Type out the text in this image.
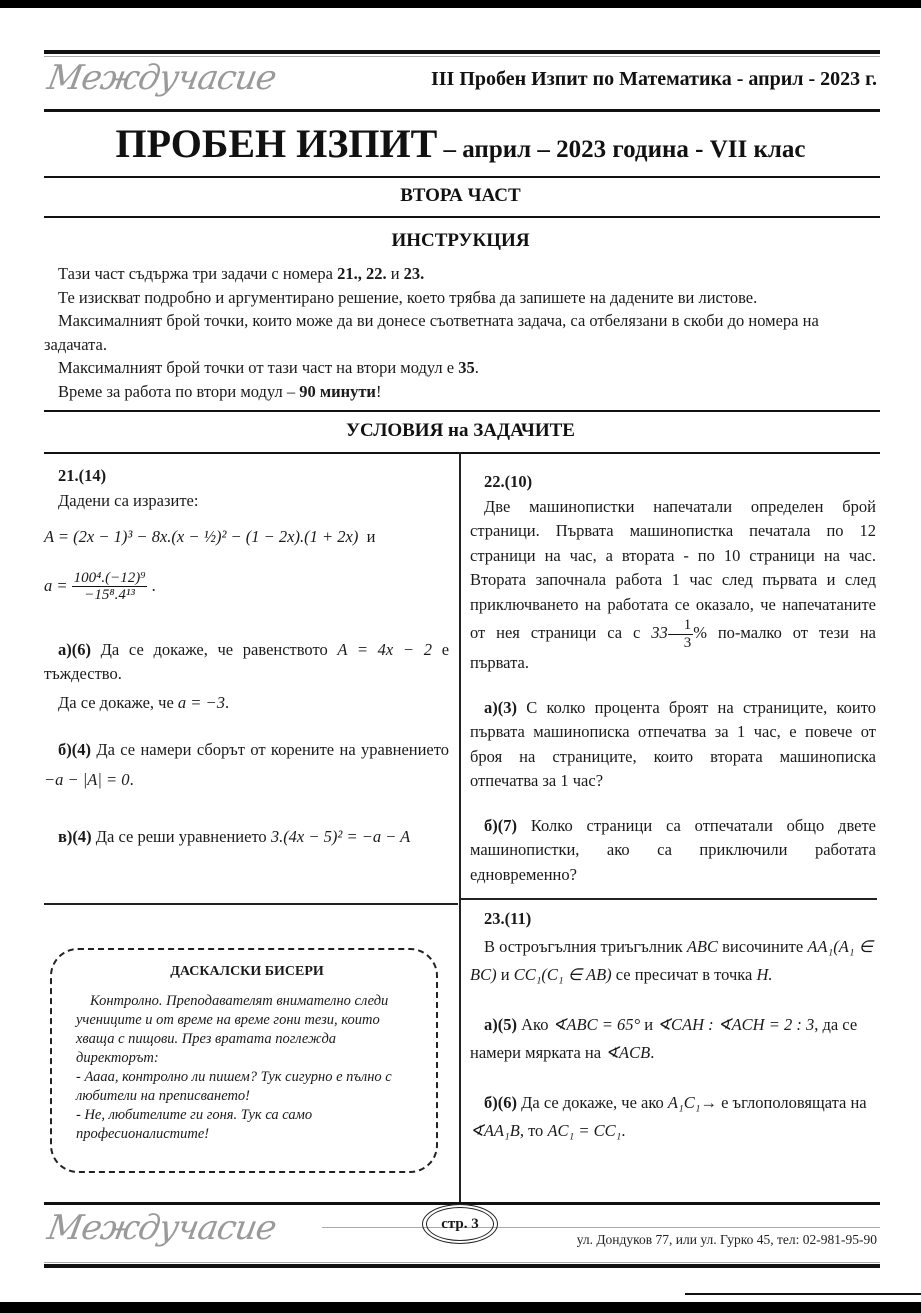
Междучасие	III Пробен Изпит по Математика - април - 2023 г.
ПРОБЕН ИЗПИТ – април – 2023 година - VII клас
ВТОРА ЧАСТ
ИНСТРУКЦИЯ

Тази част съдържа три задачи с номера 21., 22. и 23.

Те изискват подробно и аргументирано решение, което трябва да запишете на дадените ви листове.

Максималният брой точки, които може да ви донесе съответната задача, са отбелязани в скоби до номера на задачата.

Максималният брой точки от тази част на втори модул е 35.

Време за работа по втори модул – 90 минути!

УСЛОВИЯ на ЗАДАЧИТЕ

21.(14)

Дадени са изразите:

A = (2x − 1)³ − 8x.(x − ½)² − (1 − 2x).(1 + 2x) и

$a = \frac{\text{100⁴.(−12)⁹}}{\text{−15⁸.4¹³}}$ .

а)(6) Да се докаже, че равенството A = 4x − 2 е тъждество.

Да се докаже, че a = −3.

б)(4) Да се намери сборът от корените на уравнението −a − |A| = 0.

в)(4) Да се реши уравнението 3.(4x − 5)² = −a − A

ДАСКАЛСКИ БИСЕРИ

Контролно. Преподавателят внимателно следи учениците и от време на време гони тези, които хваща с пищови. През вратата поглежда директорът:

- Аааа, контролно ли пишем? Тук сигурно е пълно с любители на преписването!

- Не, любителите ги гоня. Тук са само професионалистите!

22.(10)

Две машинопистки напечатали определен брой страници. Първата машинопистка печатала по 12 страници на час, а втората - по 10 страници на час. Втората започнала работа 1 час след първата и след приключването на работата се оказало, че напечатаните от нея страници са с $33 \frac{1}{3}$ % по-малко от тези на първата.

а)(3) С колко процента броят на страниците, които първата машинописка отпечатва за 1 час, е повече от броя на страниците, които втората машинописка отпечатва за 1 час?

б)(7) Колко страници са отпечатали общо двете машинопистки, ако са приключили работата едновременно?

23.(11)

В остроъгълния триъгълник ABC височините AA₁(A₁ ∈ BC) и CC₁(C₁ ∈ AB) се пресичат в точка H.

а)(5) Ако ∢ABC = 65° и ∢CAH : ∢ACH = 2 : 3, да се намери мярката на ∢ACB.

б)(6) Да се докаже, че ако A₁C₁→ е ъглополовящата на ∢AA₁B, то AC₁ = CC₁.

Междучасие	стр. 3
ул. Дондуков 77, или ул. Гурко 45, тел: 02-981-95-90
